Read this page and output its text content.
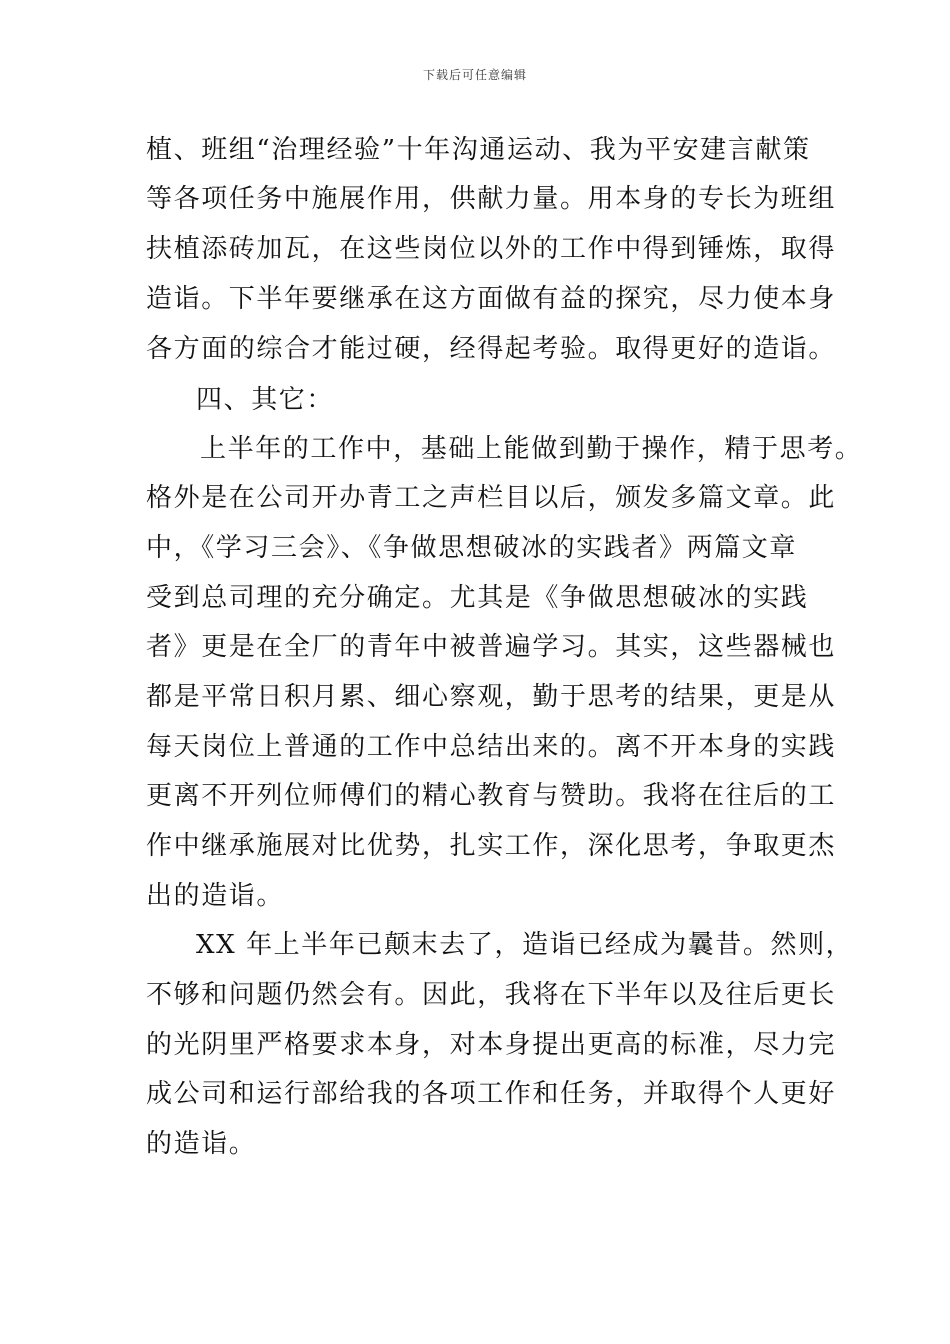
下载后可任意编辑
植、班组“治理经验”十年沟通运动、我为平安建言献策
等各项任务中施展作用，供献力量。用本身的专长为班组
扶植添砖加瓦，在这些岗位以外的工作中得到锤炼，取得
造诣。下半年要继承在这方面做有益的探究，尽力使本身
各方面的综合才能过硬，经得起考验。取得更好的造诣。
四、其它：
上半年的工作中，基础上能做到勤于操作，精于思考。
格外是在公司开办青工之声栏目以后，颁发多篇文章。此
中，《学习三会》、《争做思想破冰的实践者》两篇文章
受到总司理的充分确定。尤其是《争做思想破冰的实践
者》更是在全厂的青年中被普遍学习。其实，这些器械也
都是平常日积月累、细心察观，勤于思考的结果，更是从
每天岗位上普通的工作中总结出来的。离不开本身的实践
更离不开列位师傅们的精心教育与赞助。我将在往后的工
作中继承施展对比优势，扎实工作，深化思考，争取更杰
出的造诣。
XX 年上半年已颠末去了，造诣已经成为曩昔。然则，
不够和问题仍然会有。因此，我将在下半年以及往后更长
的光阴里严格要求本身，对本身提出更高的标准，尽力完
成公司和运行部给我的各项工作和任务，并取得个人更好
的造诣。
